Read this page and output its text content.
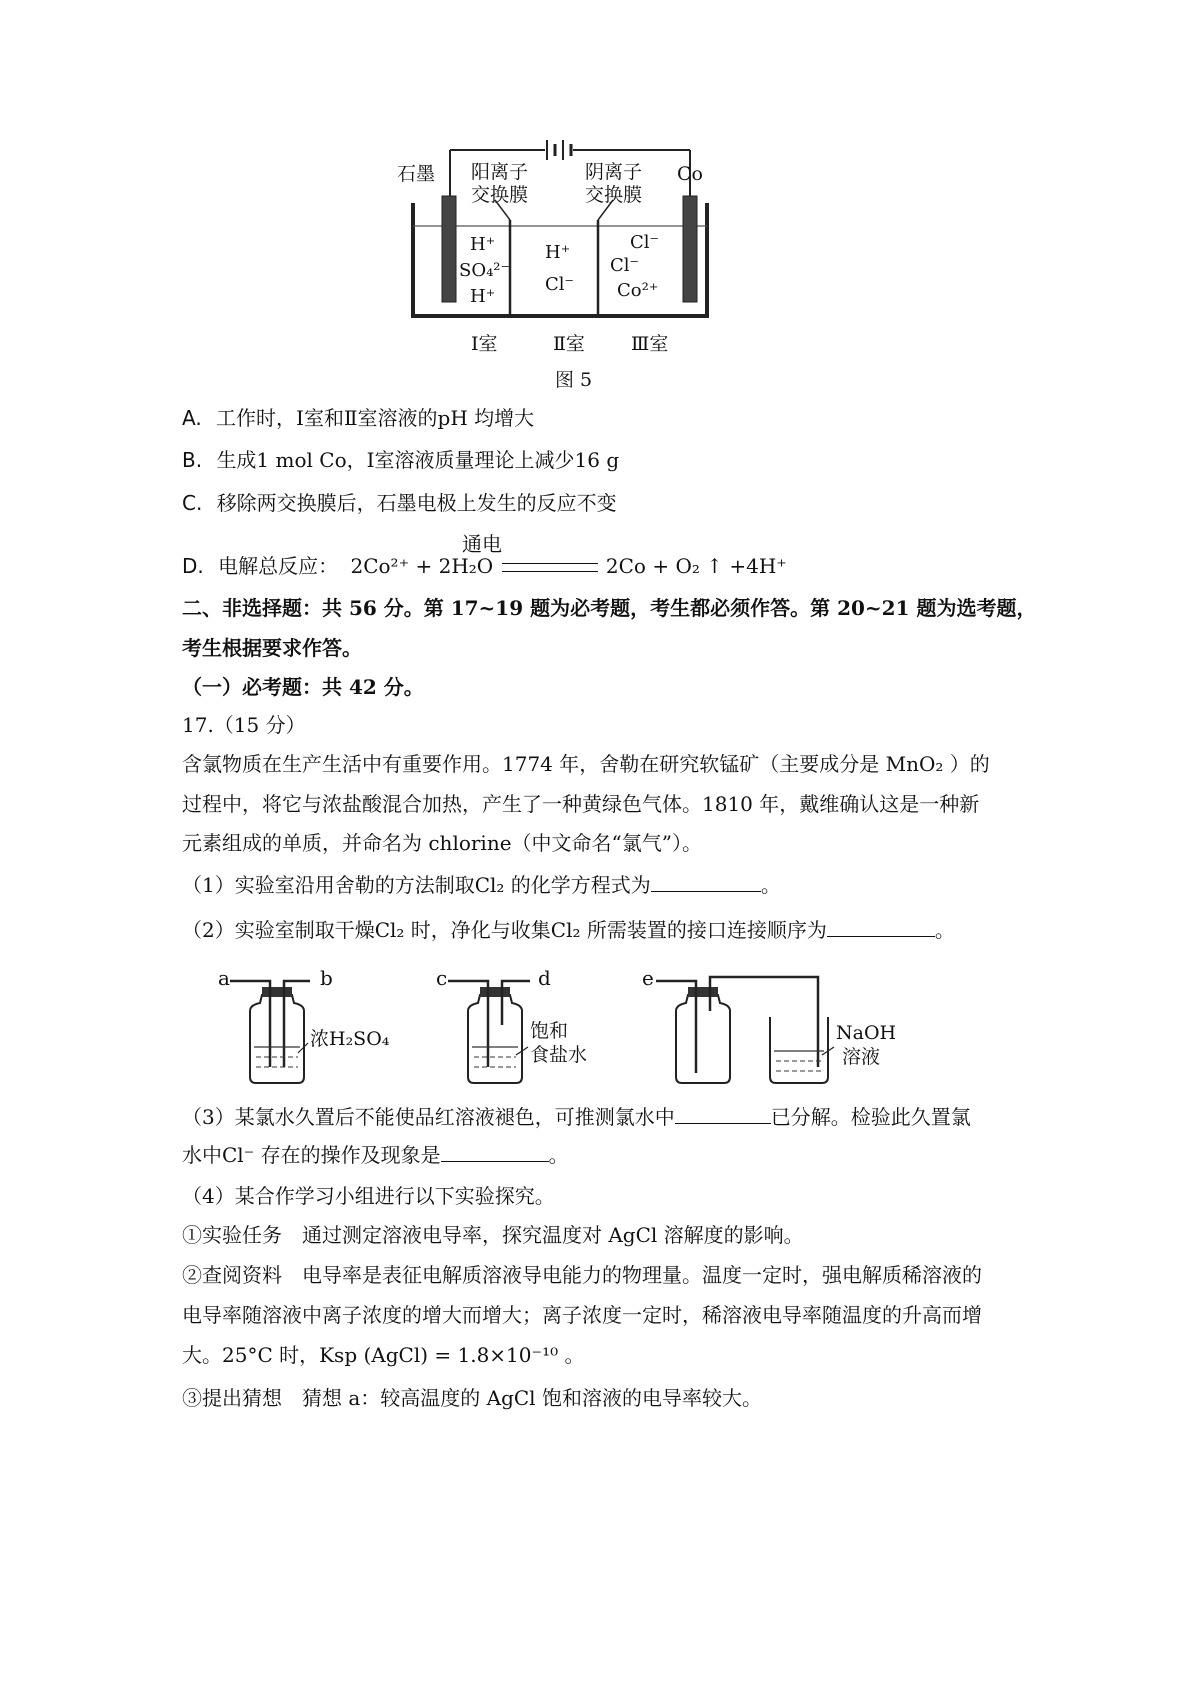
石墨 阳离子
交换膜
阴离子
交换膜
Co
H⁺
SO₄²⁻
H⁺
H⁺
Cl⁻
Cl⁻
Cl⁻
Co²⁺
Ⅰ室	Ⅱ室 Ⅲ室
图 5
A. 工作时，Ⅰ室和Ⅱ室溶液的pH 均增大
B. 生成1 mol Co，Ⅰ室溶液质量理论上减少16 g
C. 移除两交换膜后，石墨电极上发生的反应不变
通电
D. 电解总反应： 2Co²⁺ + 2H₂O	2Co + O₂ ↑ +4H⁺
二、非选择题：共 56 分。第 17~19 题为必考题，考生都必须作答。第 20~21 题为选考题，
考生根据要求作答。
（一）必考题：共 42 分。
17.（15 分）
含氯物质在生产生活中有重要作用。1774 年，舍勒在研究软锰矿（主要成分是 MnO₂ ）的
过程中，将它与浓盐酸混合加热，产生了一种黄绿色气体。1810 年，戴维确认这是一种新
元素组成的单质，并命名为 chlorine（中文命名“氯气”）。
（1）实验室沿用舍勒的方法制取Cl₂ 的化学方程式为	。
（2）实验室制取干燥Cl₂ 时，净化与收集Cl₂ 所需装置的接口连接顺序为	。
a	b
浓H₂SO₄
c	d
饱和
食盐水
e
NaOH
溶液
（3）某氯水久置后不能使品红溶液褪色，可推测氯水中	已分解。检验此久置氯
水中Cl⁻ 存在的操作及现象是	。
（4）某合作学习小组进行以下实验探究。
①实验任务　通过测定溶液电导率，探究温度对 AgCl 溶解度的影响。
②查阅资料　电导率是表征电解质溶液导电能力的物理量。温度一定时，强电解质稀溶液的
电导率随溶液中离子浓度的增大而增大；离子浓度一定时，稀溶液电导率随温度的升高而增
大。25°C 时，Ksp (AgCl) = 1.8×10⁻¹⁰ 。
③提出猜想　猜想 a：较高温度的 AgCl 饱和溶液的电导率较大。
